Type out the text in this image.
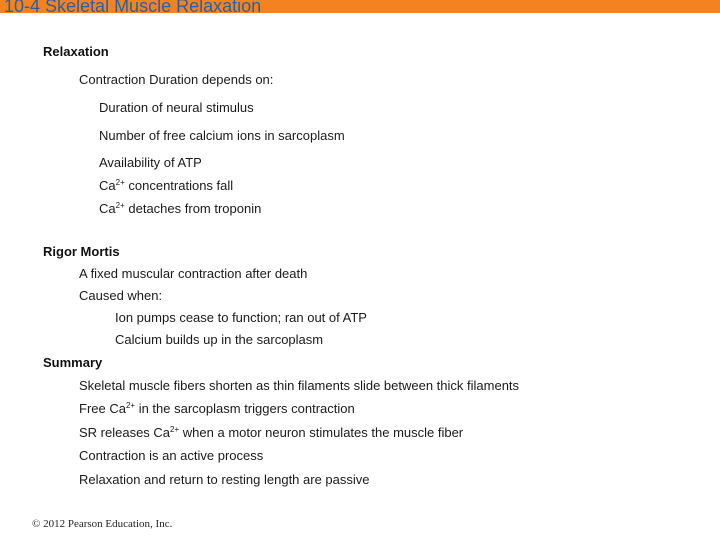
10-4 Skeletal Muscle Relaxation
Relaxation
Contraction Duration depends on:
Duration of neural stimulus
Number of free calcium ions in sarcoplasm
Availability of ATP
$Ca^{2+}$ concentrations fall
$Ca^{2+}$ detaches from troponin
Rigor Mortis
A fixed muscular contraction after death
Caused when:
Ion pumps cease to function; ran out of ATP
Calcium builds up in the sarcoplasm
Summary
Skeletal muscle fibers shorten as thin filaments slide between thick filaments
Free $Ca^{2+}$ in the sarcoplasm triggers contraction
SR releases $Ca^{2+}$ when a motor neuron stimulates the muscle fiber
Contraction is an active process
Relaxation and return to resting length are passive
© 2012 Pearson Education, Inc.
